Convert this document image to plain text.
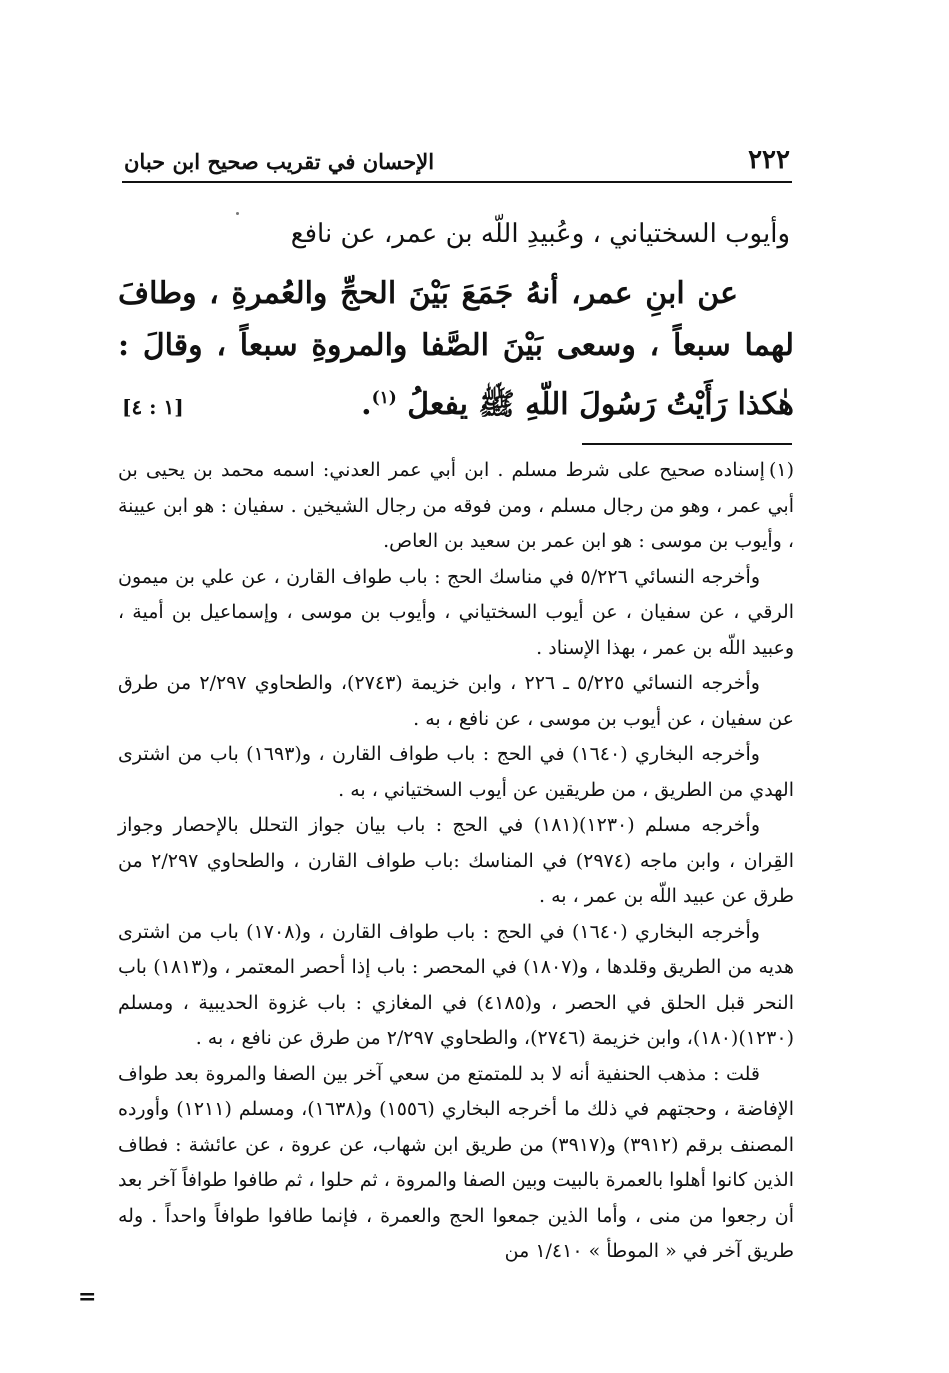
٢٢٢
الإحسان في تقريب صحيح ابن حبان
وأيوب السختياني ، وعُبيدِ اللّه بن عمر، عن نافع
عن ابنِ عمر، أنهُ جَمَعَ بَيْنَ الحجِّ والعُمرةِ ، وطافَ لهما سبعاً ، وسعى بَيْنَ الصَّفا والمروةِ سبعاً ، وقالَ : هٰكذا رَأَيْتُ رَسُولَ اللّهِ ﷺ يفعلُ $^{(١)}$.
[١ : ٤]

(١)إسناده صحيح على شرط مسلم . ابن أبي عمر العدني: اسمه محمد بن يحيى بن أبي عمر ، وهو من رجال مسلم ، ومن فوقه من رجال الشيخين . سفيان : هو ابن عيينة ، وأيوب بن موسى : هو ابن عمر بن سعيد بن العاص.

وأخرجه النسائي ٥/٢٢٦ في مناسك الحج : باب طواف القارن ، عن علي بن ميمون الرقي ، عن سفيان ، عن أيوب السختياني ، وأيوب بن موسى ، وإسماعيل بن أمية ، وعبيد اللّه بن عمر ، بهذا الإسناد .

وأخرجه النسائي ٥/٢٢٥ ـ ٢٢٦ ، وابن خزيمة (٢٧٤٣)، والطحاوي ٢/٢٩٧ من طرق عن سفيان ، عن أيوب بن موسى ، عن نافع ، به .

وأخرجه البخاري (١٦٤٠) في الحج : باب طواف القارن ، و(١٦٩٣) باب من اشترى الهدي من الطريق ، من طريقين عن أيوب السختياني ، به .

وأخرجه مسلم (١٢٣٠)(١٨١) في الحج : باب بيان جواز التحلل بالإحصار وجواز القِران ، وابن ماجه (٢٩٧٤) في المناسك :باب طواف القارن ، والطحاوي ٢/٢٩٧ من طرق عن عبيد اللّه بن عمر ، به .

وأخرجه البخاري (١٦٤٠) في الحج : باب طواف القارن ، و(١٧٠٨) باب من اشترى هديه من الطريق وقلدها ، و(١٨٠٧) في المحصر : باب إذا أحصر المعتمر ، و(١٨١٣) باب النحر قبل الحلق في الحصر ، و(٤١٨٥) في المغازي : باب غزوة الحديبية ، ومسلم (١٢٣٠)(١٨٠)، وابن خزيمة (٢٧٤٦)، والطحاوي ٢/٢٩٧ من طرق عن نافع ، به .

قلت : مذهب الحنفية أنه لا بد للمتمتع من سعي آخر بين الصفا والمروة بعد طواف الإفاضة ، وحجتهم في ذلك ما أخرجه البخاري (١٥٥٦) و(١٦٣٨)، ومسلم (١٢١١) وأورده المصنف برقم (٣٩١٢) و(٣٩١٧) من طريق ابن شهاب، عن عروة ، عن عائشة : فطاف الذين كانوا أهلوا بالعمرة بالبيت وبين الصفا والمروة ، ثم حلوا ، ثم طافوا طوافاً آخر بعد أن رجعوا من منى ، وأما الذين جمعوا الحج والعمرة ، فإنما طافوا طوافاً واحداً . وله طريق آخر في « الموطأ » ١/٤١٠ من

=
